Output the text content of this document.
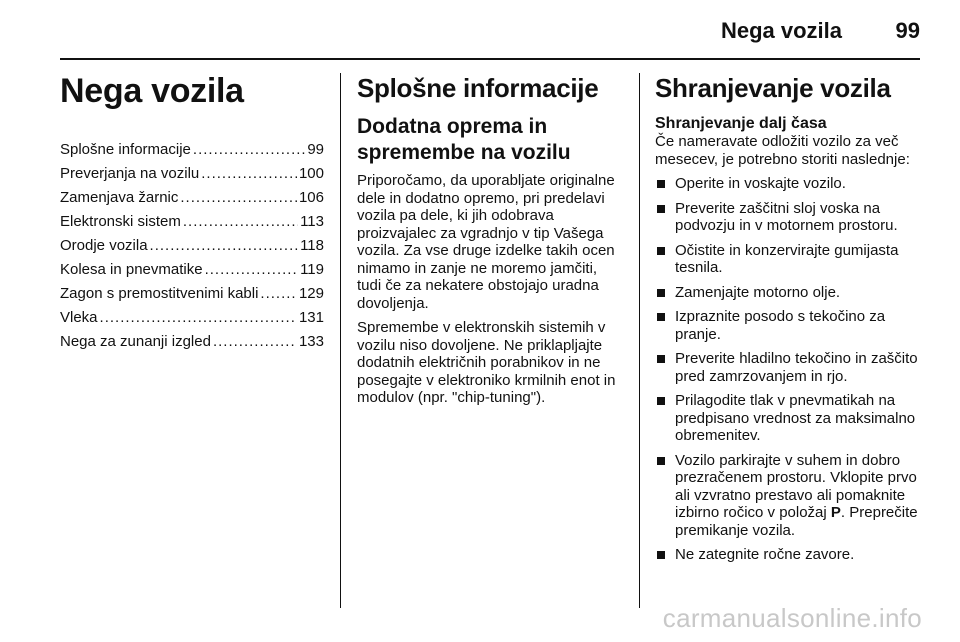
Nega vozila 99
Nega vozila
Splošne informacije .....	99
Preverjanja na vozilu .....	100
Zamenjava žarnic .....	106
Elektronski sistem .....	113
Orodje vozila .....	118
Kolesa in pnevmatike .....	119
Zagon s premostitvenimi kabli .....	129
Vleka .....	131
Nega za zunanji izgled .....	133
Splošne informacije
Dodatna oprema in spremembe na vozilu

Priporočamo, da uporabljate originalne dele in dodatno opremo, pri predelavi vozila pa dele, ki jih odobrava proizvajalec za vgradnjo v tip Vašega vozila. Za vse druge izdelke takih ocen nimamo in zanje ne moremo jamčiti, tudi če za nekatere obstojajo uradna dovoljenja.

Spremembe v elektronskih sistemih v vozilu niso dovoljene. Ne priklapljajte dodatnih električnih porabnikov in ne posegajte v elektroniko krmilnih enot in modulov (npr. "chip-tuning").

Shranjevanje vozila
Shranjevanje dalj časa

Če nameravate odložiti vozilo za več mesecev, je potrebno storiti naslednje:

Operite in voskajte vozilo.
Preverite zaščitni sloj voska na podvozju in v motornem prostoru.
Očistite in konzervirajte gumijasta tesnila.
Zamenjajte motorno olje.
Izpraznite posodo s tekočino za pranje.
Preverite hladilno tekočino in zaščito pred zamrzovanjem in rjo.
Prilagodite tlak v pnevmatikah na predpisano vrednost za maksimalno obremenitev.
Vozilo parkirajte v suhem in dobro prezračenem prostoru. Vklopite prvo ali vzvratno prestavo ali pomaknite izbirno ročico v položaj P. Preprečite premikanje vozila.
Ne zategnite ročne zavore.
carmanualsonline.info
